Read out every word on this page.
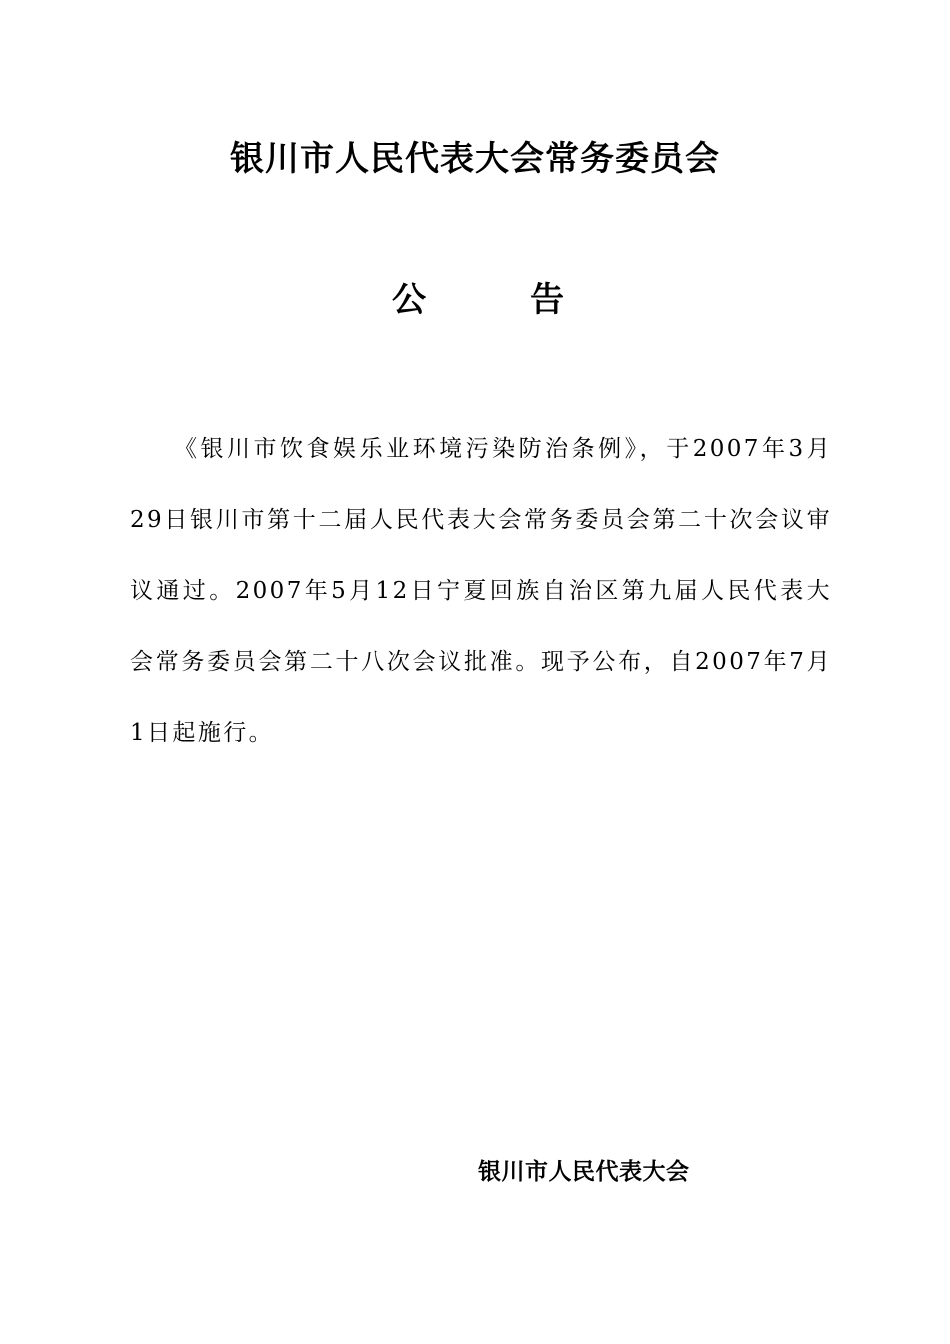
银川市人民代表大会常务委员会
公	告

《银川市饮食娱乐业环境污染防治条例》，于2007年3月29日银川市第十二届人民代表大会常务委员会第二十次会议审议通过。2007年5月12日宁夏回族自治区第九届人民代表大会常务委员会第二十八次会议批准。现予公布，自2007年7月1日起施行。

银川市人民代表大会
